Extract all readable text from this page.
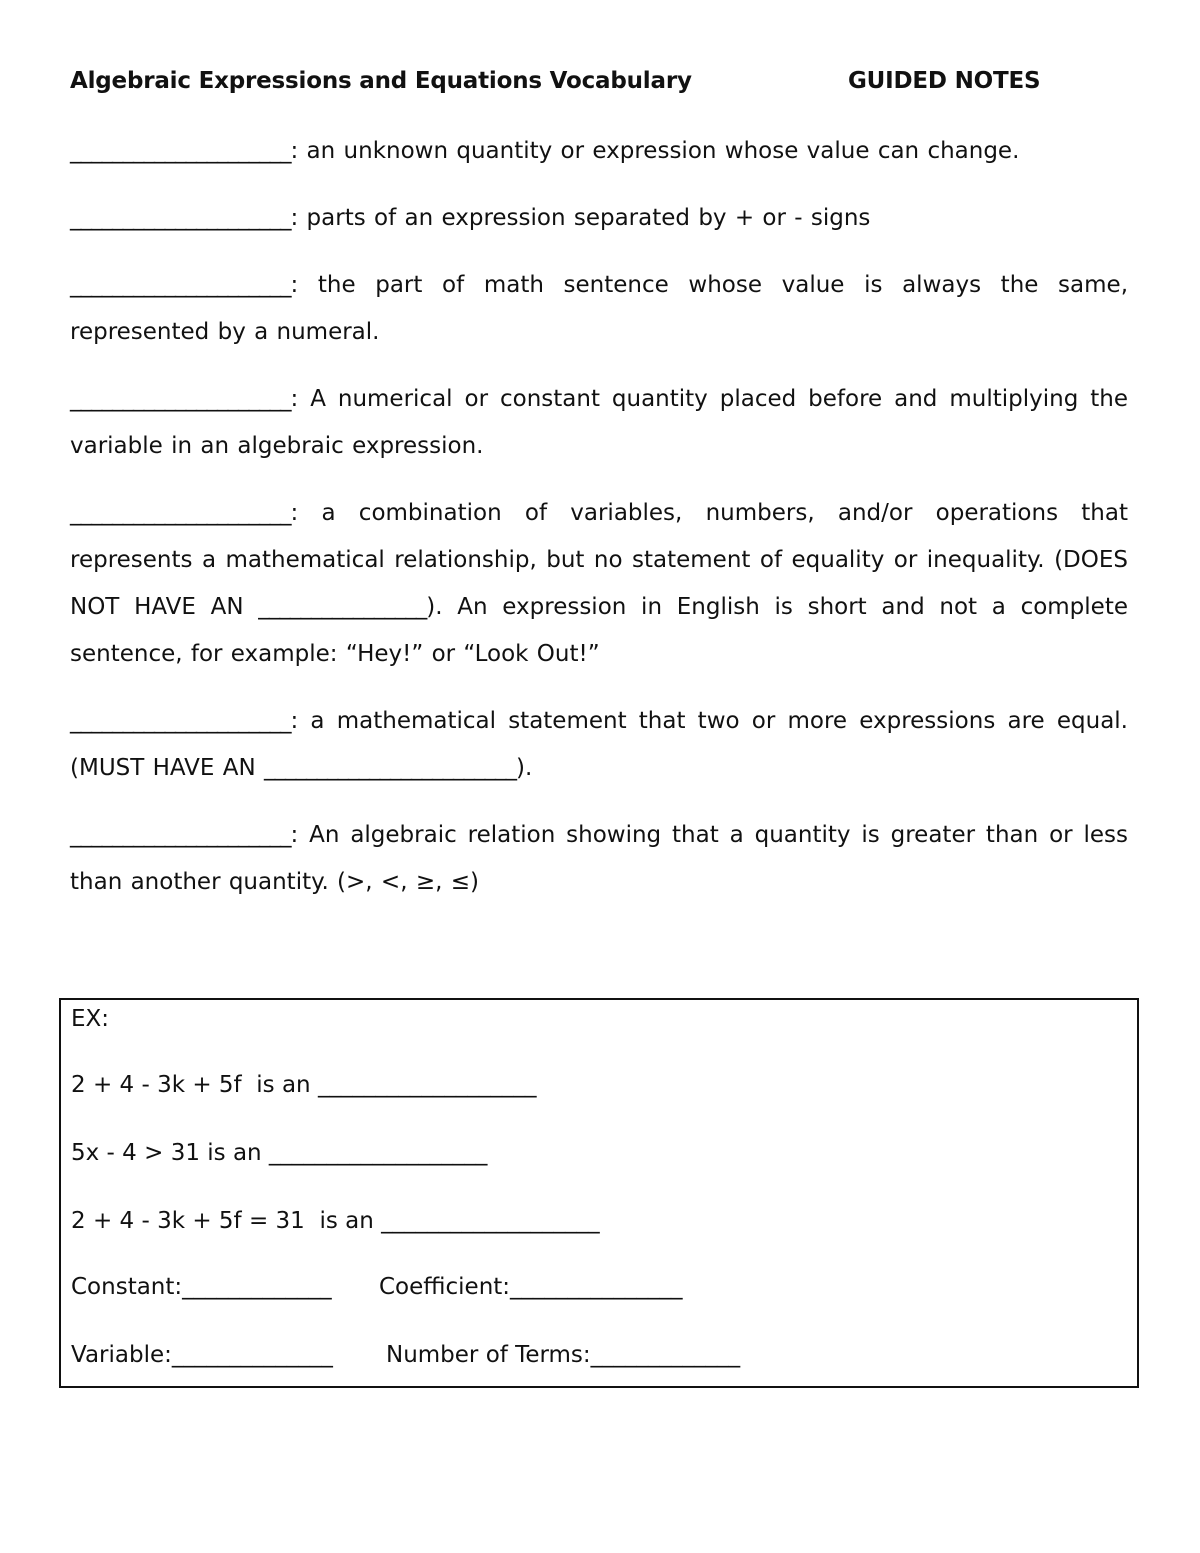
Algebraic Expressions and Equations Vocabulary	GUIDED NOTES

_____________________: an unknown quantity or expression whose value can change.

_____________________: parts of an expression separated by + or - signs

_____________________: the part of math sentence whose value is always the same, represented by a numeral.

_____________________: A numerical or constant quantity placed before and multiplying the variable in an algebraic expression.

_____________________: a combination of variables, numbers, and/or operations that represents a mathematical relationship, but no statement of equality or inequality. (DOES NOT HAVE AN ________________). An expression in English is short and not a complete sentence, for example: “Hey!” or “Look Out!”

_____________________: a mathematical statement that two or more expressions are equal. (MUST HAVE AN ________________________).

_____________________: An algebraic relation showing that a quantity is greater than or less than another quantity. (>, <, ≥, ≤)

EX:
2 + 4 - 3k + 5f  is an ___________________
5x - 4 > 31 is an ___________________
2 + 4 - 3k + 5f = 31  is an ___________________
Constant:_____________ Coefficient:_______________
Variable:______________ Number of Terms:_____________
